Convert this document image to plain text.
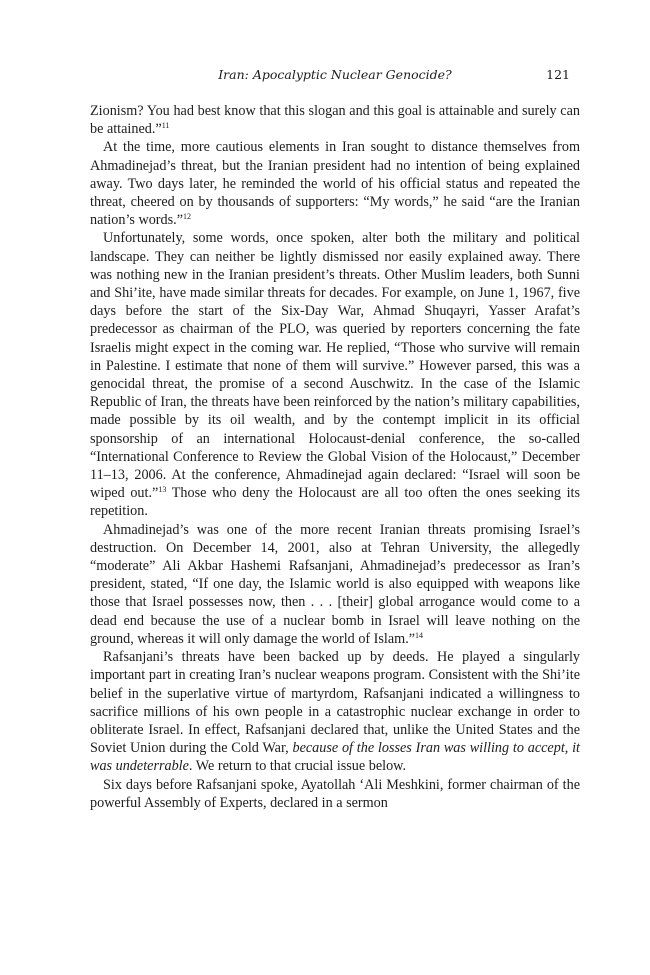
Iran: Apocalyptic Nuclear Genocide?	121

Zionism? You had best know that this slogan and this goal is attainable and surely can be attained.”$^{11}$

At the time, more cautious elements in Iran sought to distance themselves from Ahmadinejad’s threat, but the Iranian president had no intention of being explained away. Two days later, he reminded the world of his official status and repeated the threat, cheered on by thousands of supporters: “My words,” he said “are the Iranian nation’s words.”$^{12}$

Unfortunately, some words, once spoken, alter both the military and political landscape. They can neither be lightly dismissed nor easily explained away. There was nothing new in the Iranian president’s threats. Other Muslim leaders, both Sunni and Shi’ite, have made similar threats for decades. For example, on June 1, 1967, five days before the start of the Six-Day War, Ahmad Shuqayri, Yasser Arafat’s predecessor as chairman of the PLO, was queried by reporters concerning the fate Israelis might expect in the coming war. He replied, “Those who survive will remain in Palestine. I estimate that none of them will survive.” However parsed, this was a genocidal threat, the promise of a second Auschwitz. In the case of the Islamic Republic of Iran, the threats have been reinforced by the nation’s military capabilities, made possible by its oil wealth, and by the contempt implicit in its official sponsorship of an international Holocaust-denial conference, the so-called “International Conference to Review the Global Vision of the Holocaust,” December 11–13, 2006. At the conference, Ahmadinejad again declared: “Israel will soon be wiped out.”$^{13}$ Those who deny the Holocaust are all too often the ones seeking its repetition.

Ahmadinejad’s was one of the more recent Iranian threats promising Israel’s destruction. On December 14, 2001, also at Tehran University, the allegedly “moderate” Ali Akbar Hashemi Rafsanjani, Ahmadinejad’s predecessor as Iran’s president, stated, “If one day, the Islamic world is also equipped with weapons like those that Israel possesses now, then . . . [their] global arrogance would come to a dead end because the use of a nuclear bomb in Israel will leave nothing on the ground, whereas it will only damage the world of Islam.”$^{14}$

Rafsanjani’s threats have been backed up by deeds. He played a singularly important part in creating Iran’s nuclear weapons program. Consistent with the Shi’ite belief in the superlative virtue of martyrdom, Rafsanjani indicated a willingness to sacrifice millions of his own people in a catastrophic nuclear exchange in order to obliterate Israel. In effect, Rafsanjani declared that, unlike the United States and the Soviet Union during the Cold War, because of the losses Iran was willing to accept, it was undeterrable. We return to that crucial issue below.

Six days before Rafsanjani spoke, Ayatollah ‘Ali Meshkini, former chairman of the powerful Assembly of Experts, declared in a sermon
